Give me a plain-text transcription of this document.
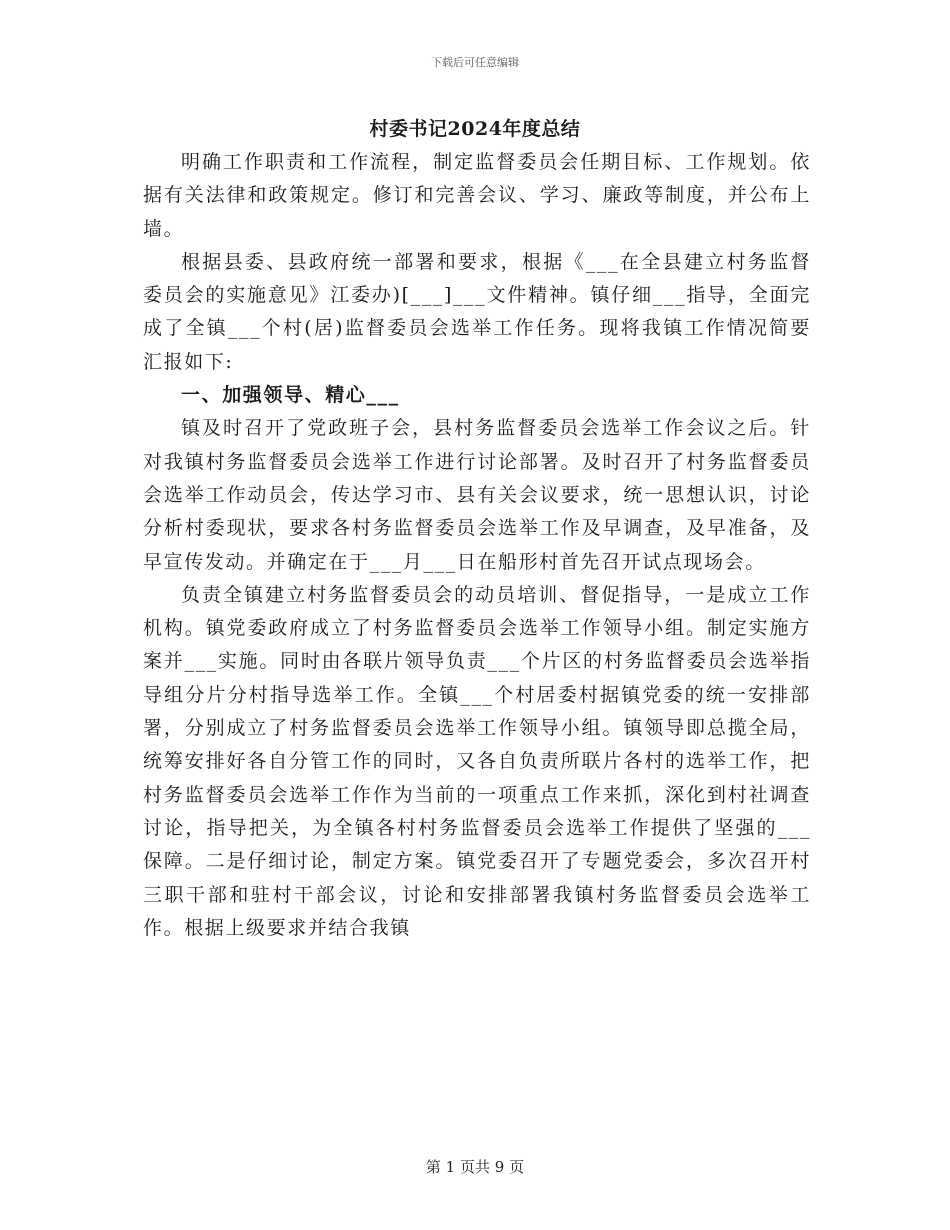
下载后可任意编辑
村委书记2024年度总结

明确工作职责和工作流程，制定监督委员会任期目标、工作规划。依据有关法律和政策规定。修订和完善会议、学习、廉政等制度，并公布上墙。

根据县委、县政府统一部署和要求，根据《___在全县建立村务监督委员会的实施意见》江委办)[___]___文件精神。镇仔细___指导，全面完成了全镇___个村(居)监督委员会选举工作任务。现将我镇工作情况简要汇报如下:

一、加强领导、精心___

镇及时召开了党政班子会，县村务监督委员会选举工作会议之后。针对我镇村务监督委员会选举工作进行讨论部署。及时召开了村务监督委员会选举工作动员会，传达学习市、县有关会议要求，统一思想认识，讨论分析村委现状，要求各村务监督委员会选举工作及早调查，及早准备，及早宣传发动。并确定在于___月___日在船形村首先召开试点现场会。

负责全镇建立村务监督委员会的动员培训、督促指导，一是成立工作机构。镇党委政府成立了村务监督委员会选举工作领导小组。制定实施方案并___实施。同时由各联片领导负责___个片区的村务监督委员会选举指导组分片分村指导选举工作。全镇___个村居委村据镇党委的统一安排部署，分别成立了村务监督委员会选举工作领导小组。镇领导即总揽全局，统筹安排好各自分管工作的同时，又各自负责所联片各村的选举工作，把村务监督委员会选举工作作为当前的一项重点工作来抓，深化到村社调查讨论，指导把关，为全镇各村村务监督委员会选举工作提供了坚强的___保障。二是仔细讨论，制定方案。镇党委召开了专题党委会，多次召开村三职干部和驻村干部会议，讨论和安排部署我镇村务监督委员会选举工作。根据上级要求并结合我镇

第 1 页共 9 页
